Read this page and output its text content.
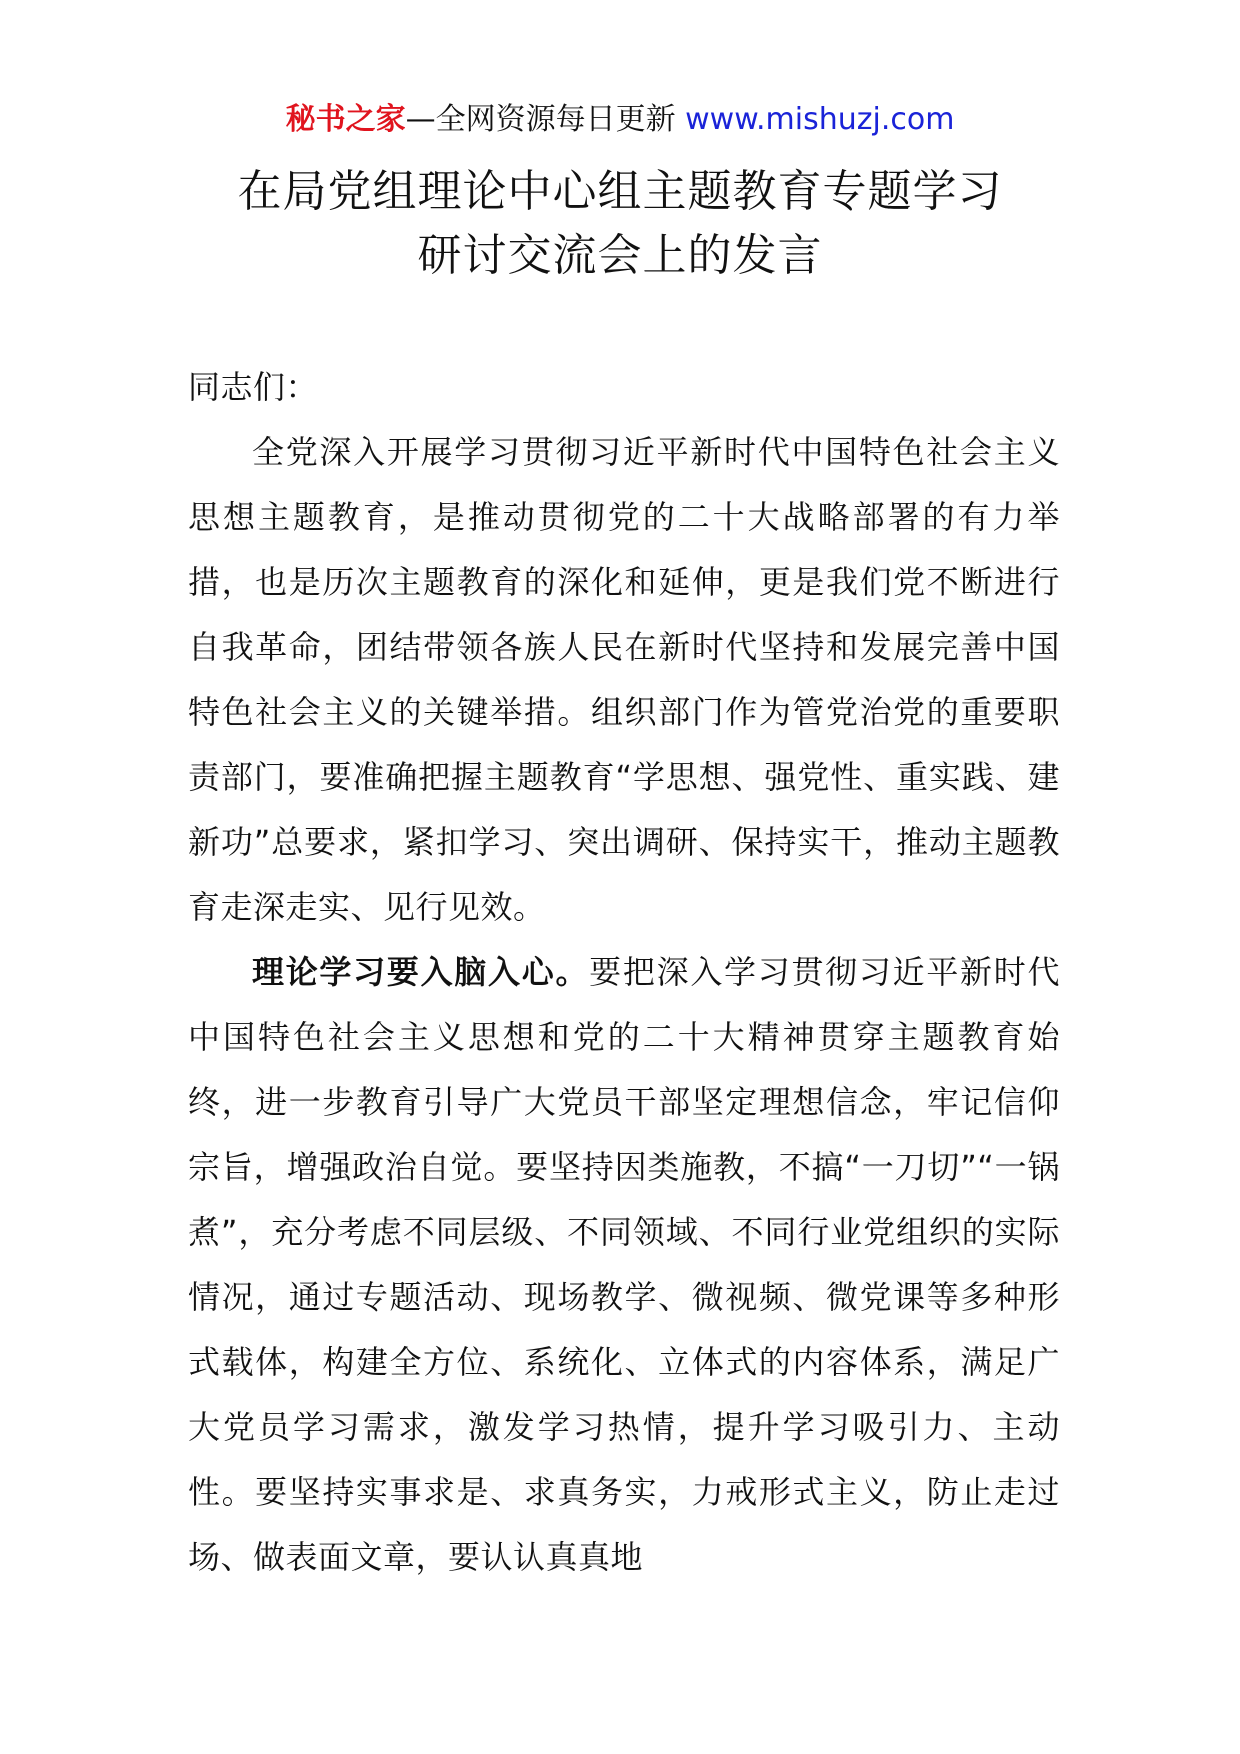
秘书之家—全网资源每日更新 www.mishuzj.com
在局党组理论中心组主题教育专题学习
研讨交流会上的发言

同志们：

全党深入开展学习贯彻习近平新时代中国特色社会主义思想主题教育，是推动贯彻党的二十大战略部署的有力举措，也是历次主题教育的深化和延伸，更是我们党不断进行自我革命，团结带领各族人民在新时代坚持和发展完善中国特色社会主义的关键举措。组织部门作为管党治党的重要职责部门，要准确把握主题教育“学思想、强党性、重实践、建新功”总要求，紧扣学习、突出调研、保持实干，推动主题教育走深走实、见行见效。

理论学习要入脑入心。要把深入学习贯彻习近平新时代中国特色社会主义思想和党的二十大精神贯穿主题教育始终，进一步教育引导广大党员干部坚定理想信念，牢记信仰宗旨，增强政治自觉。要坚持因类施教，不搞“一刀切”“一锅煮”，充分考虑不同层级、不同领域、不同行业党组织的实际情况，通过专题活动、现场教学、微视频、微党课等多种形式载体，构建全方位、系统化、立体式的内容体系，满足广大党员学习需求，激发学习热情，提升学习吸引力、主动性。要坚持实事求是、求真务实，力戒形式主义，防止走过场、做表面文章，要认认真真地
